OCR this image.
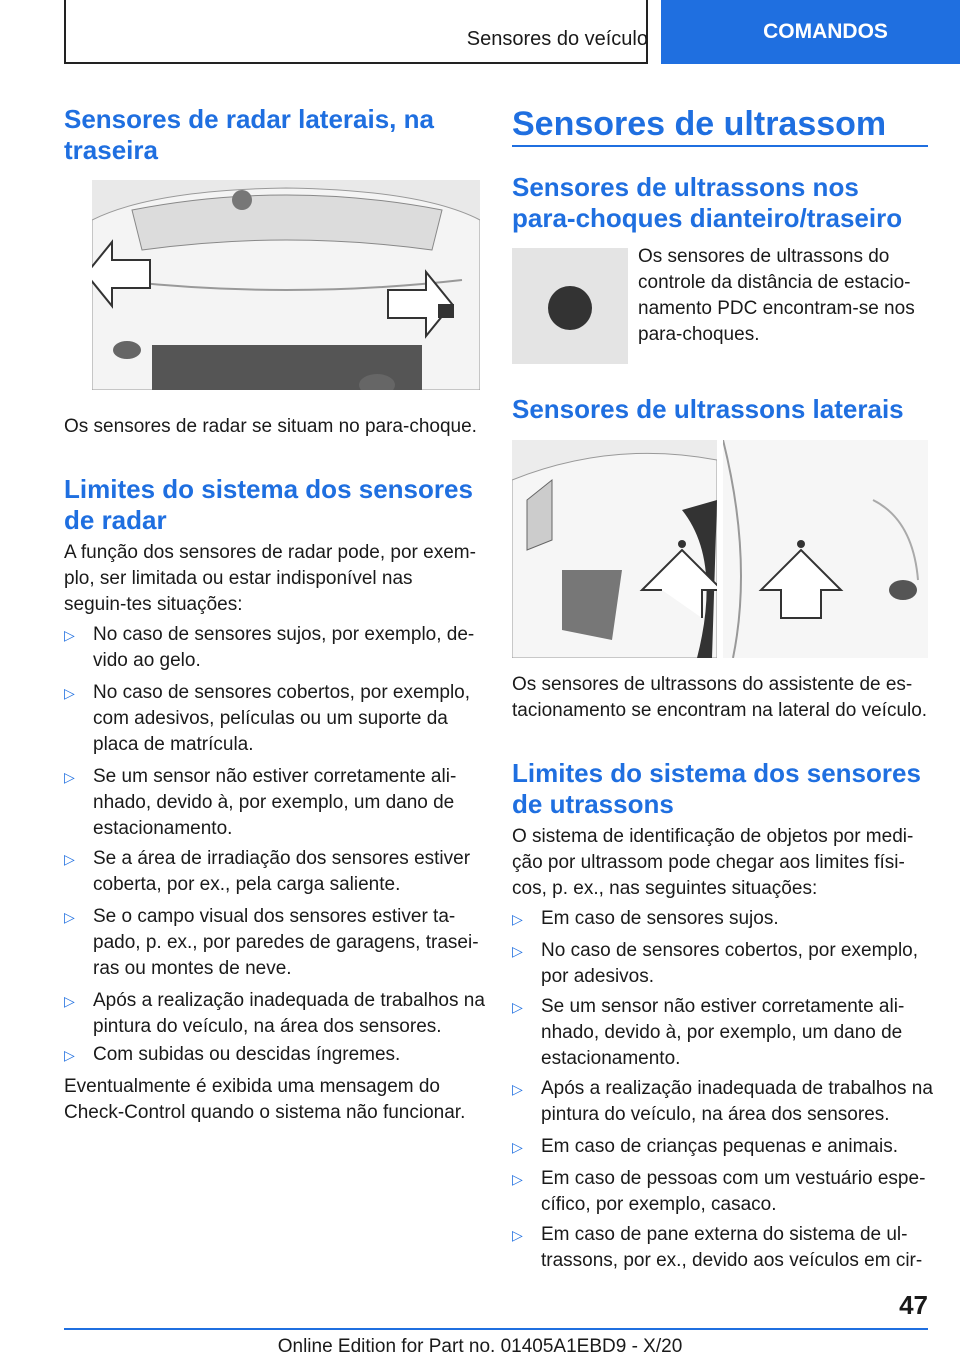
Sensores do veículo	COMANDOS
Sensores de radar laterais, na traseira

Os sensores de radar se situam no para-choque.

Limites do sistema dos sensores de radar

A função dos sensores de radar pode, por exem-plo, ser limitada ou estar indisponível nas seguin-tes situações:

▷ No caso de sensores sujos, por exemplo, de-vido ao gelo.
▷ No caso de sensores cobertos, por exemplo, com adesivos, películas ou um suporte da placa de matrícula.
▷ Se um sensor não estiver corretamente ali-nhado, devido à, por exemplo, um dano de estacionamento.
▷ Se a área de irradiação dos sensores estiver coberta, por ex., pela carga saliente.
▷ Se o campo visual dos sensores estiver ta-pado, p. ex., por paredes de garagens, trasei-ras ou montes de neve.
▷ Após a realização inadequada de trabalhos na pintura do veículo, na área dos sensores.
▷ Com subidas ou descidas íngremes.

Eventualmente é exibida uma mensagem do Check-Control quando o sistema não funcionar.

Sensores de ultrassom
Sensores de ultrassons nos para-choques dianteiro/traseiro

Os sensores de ultrassons do controle da distância de estacio-namento PDC encontram-se nos para-choques.

Sensores de ultrassons laterais

Os sensores de ultrassons do assistente de es-tacionamento se encontram na lateral do veículo.

Limites do sistema dos sensores de utrassons

O sistema de identificação de objetos por medi-ção por ultrassom pode chegar aos limites físi-cos, p. ex., nas seguintes situações:

▷ Em caso de sensores sujos.
▷ No caso de sensores cobertos, por exemplo, por adesivos.
▷ Se um sensor não estiver corretamente ali-nhado, devido à, por exemplo, um dano de estacionamento.
▷ Após a realização inadequada de trabalhos na pintura do veículo, na área dos sensores.
▷ Em caso de crianças pequenas e animais.
▷ Em caso de pessoas com um vestuário espe-cífico, por exemplo, casaco.
▷ Em caso de pane externa do sistema de ul-trassons, por ex., devido aos veículos em cir-
47
Online Edition for Part no. 01405A1EBD9 - X/20
